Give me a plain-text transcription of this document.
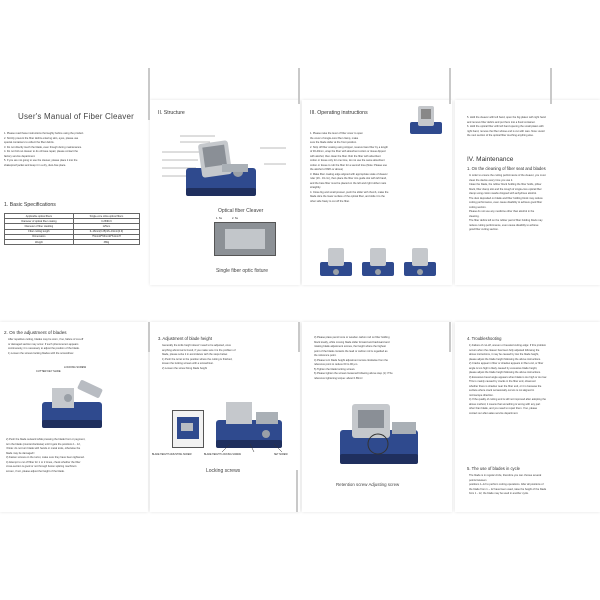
User's Manual of Fiber Cleaver
1. Please read these instructions thoroughly before using the product.
2. Strictly prevent the fiber debris entering skin, eyes, please use
special containers to collect the fiber debris.
3. Do not directly touch the blade, even though during maintenance.
4. Do not bid out cleaver to do oil base repair, please contact the
factory service department.
5. If you are not going to use the cleaver, please place it into the
shakeproof jacket and keep it in a dry, dust-free place.
1. Basic Specifications
Applicable optical fibers	Single-core silica optical fibers
Diameter of optical fiber coating	0.25Φ0.9
Diameter of fiber cladding	125um
Fiber cutting length	6~16mm(0.25)/16~19mm(0.9)
Dimensions	75mmW*63mmD*61mmH
Weight	386g
II. Structure
Optical fiber Cleaver
1. Ss	2. Ss
Single fiber optic fixture
III. Operating instructions
1. Please raise the lever of fiber cover to open
the cover of single-core fiber clamp, make
sure the blade slider at the front position.
2. Strip off fiber coating using stripper, reserve bare fiber by a length
of 30-40mm, wrap the fiber with absorbent cotton or tissue dipped
with alcohol, then clean the fiber. Rub the fiber with absorbent
cotton or tissue only for one time, do not use the same absorbent
cotton or tissue to rub the fiber for a second time.(Note: Please use
the alcohol of 99% or above)
3. Make fiber coating edge aligned with appropriate scale of cleaver
ruler (16 - 19 cm), then place the fiber into guide slot with left hand,
and the bare fiber must be placed on the left and right rubber mats
straightly.
4. Close big and small presser, push the slider with thumb, make the
blade slice the lower surface of the optical fiber, and slide it to the
other side freely to cut off the fiber.
5. Hold the cleaver with left hand, open the big platen with right hand
and remove fiber debris and put them into a fixed container.
6. Hold the optical fiber with left hand opening the small platen with
right hand, remove the fiber whose end is cut with care. Note: avoid
the next section of the optical fiber touching anything else.
IV. Maintenance
1. On the cleaning of fiber seat and blades
In order to ensure the cutting performance of the cleaver, you must
clean the device every time you use it.
Clean the blade, the rubber block holding the fiber holds, pillow
block, fiber clamp slot and the trough of single-core optical fiber
clamp using cotton swabs dropped with anhydrous alcohol.
The dust deposited on blade and fiber holding block may reduce
cutting performance, even cause disability to achieve good fiber
cutting section.
Please do not use any medicine other than alcohol in the
cleaning.
The fiber debris left on the rubber pad of fiber holding block may
reduce cutting performance, even cause disability to achieve
good fiber cutting section.
2. On the adjustment of blades
After repetitive cutting, blades may be worn, if so, failure of cut-off
or damaged section may occur. If such phenomenon appears
continuously, it is necessary to adjust the position of the blade.
1) Loosen the screws locking blades with the screwdriver.
CUTTER KEY SLIDE
LOCKING SCREW
2) Push the blade outward while pressing the blade front or pegment,
turn the blade (counterclockwise) until it gets the positions 1 - 12,
=Note: do not turn blade with hands or metal tools, otherwise the
blade may be damaged=
3) Fasten screws on the turret, make sure they have been tightened.
4) Attempt to cut off fiber for 1 or 2 times, check whether the fiber
cross-section is good or not through fusion splicing machine's
screen, if not, please adjust the height of the blade.
3. Adjustment of blade height
Generally the knife height doesn't need to be adjusted, once
anything abnormal is found, if you make sure it is the problem of
blade, please solve it in accordance with the steps below.
1) Push the turret to the position where the cutting is finished,
loosen the locking screws with a screwdriver.
2) Loosen the screw fixing blade height
BLADE HEIGHT ADJUSTING SCREW	BLADE HEIGHT LOCKING SCREW	SET SCREW
Locking screws
3) Please place pencil core or wooden carbon rod on fiber holding
block levelly, while moving blade slider forward and backward and
rotating blade adjustment screws, the height where the highest
point of the blade contacts the lead or carbon rod is regarded as
the reference point.
4) Please turn blade height adjustment screw clockwise from the
reference point to reduce 60 to 90 μm.
5) Tighten the blade locking screws.
6) Please tighten the screws loosened following above step (1) =The
reference tightening torque: about 0.6Nm=
Retention screw Adjusting screw
4. Troubleshooting
1) Failure of cut-off, uneven or beveled cutting edge: If this problem
occurs when the cleaver has been fully adjusted following the
above instructions, it may be caused by low the blade height,
please adjust the blade height following the above instructions.
2) Cracks appear in fiber or shadow appears in fiber end, or fiber
angle is too high is likely caused by excessive blade height,
please adjust the blade height following the above instructions.
3) Excessive bevel angle appears when blade is too high or too low.
This is mainly caused by cracks in the fiber end, observed
whether there is shadow near the fiber end, or it is because the
surface where crack occasionally occurs is not aligned in
microscope direction.
4) If the quality of cutting end is still not improved after adopting the
above method, it means that something is wrong with any part
other than blade, and you need to repair them. If so, please
contact our after-sales service department.
5. The use of blades in cycle
The blade is in regular circle, therefore you can choose several
points between
positions 1~12 to perform cutting operations. After all positions of
the blade from 1 ~ 12 have been used, raise the height of the blade
from 1 - 12, the blade may be used in another cycle.
